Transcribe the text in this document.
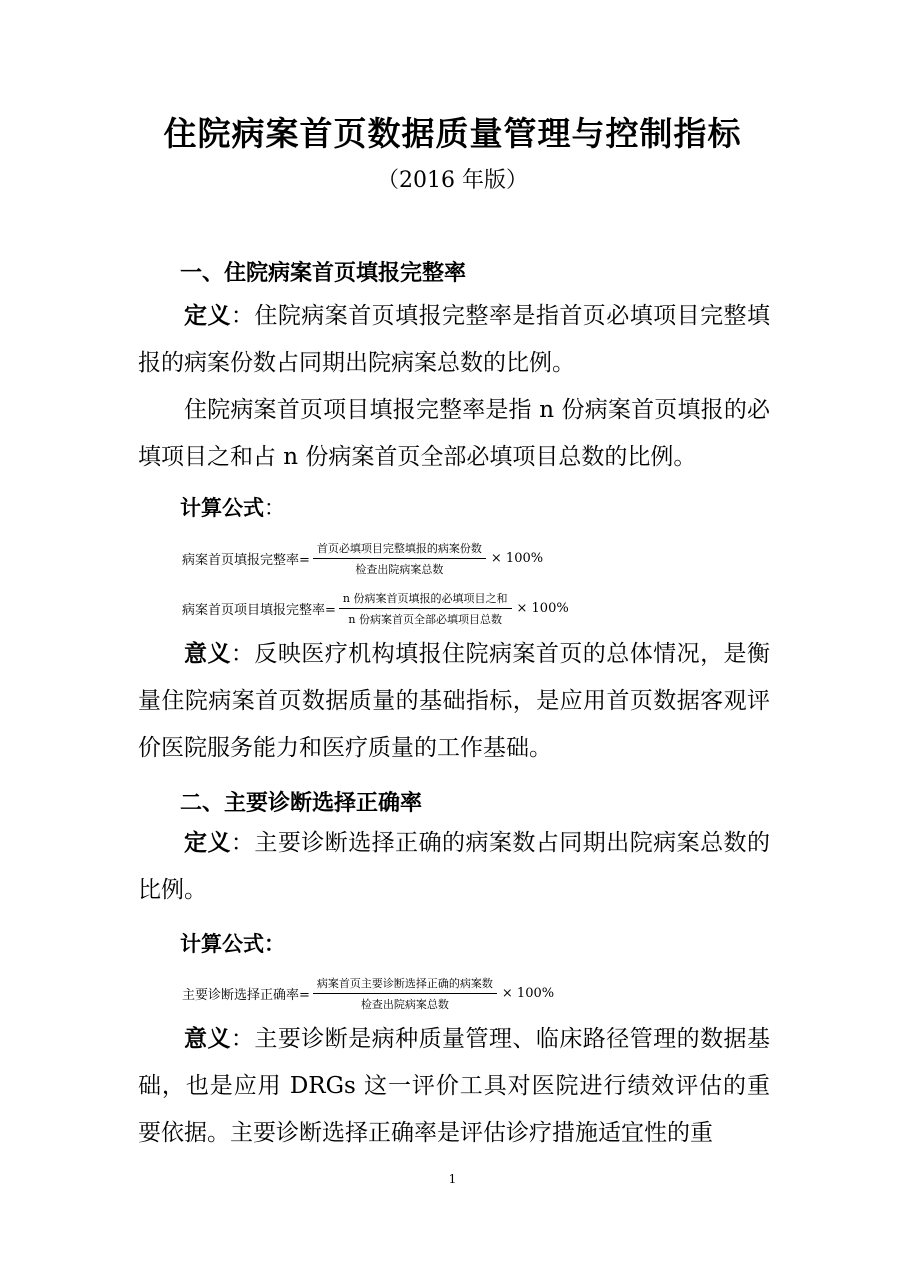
住院病案首页数据质量管理与控制指标
（2016 年版）
一、住院病案首页填报完整率
定义：住院病案首页填报完整率是指首页必填项目完整填报的病案份数占同期出院病案总数的比例。
住院病案首页项目填报完整率是指 n 份病案首页填报的必填项目之和占 n 份病案首页全部必填项目总数的比例。
计算公式：
病案首页填报完整率= $\frac{\text{首页必填项目完整填报的病案份数}}{\text{检查出院病案总数}} \times 100\%$
病案首页项目填报完整率= $\frac{\text{n 份病案首页填报的必填项目之和}}{\text{n 份病案首页全部必填项目总数}} \times 100\%$
意义：反映医疗机构填报住院病案首页的总体情况，是衡量住院病案首页数据质量的基础指标，是应用首页数据客观评价医院服务能力和医疗质量的工作基础。
二、主要诊断选择正确率
定义：主要诊断选择正确的病案数占同期出院病案总数的比例。
计算公式：
主要诊断选择正确率= $\frac{\text{病案首页主要诊断选择正确的病案数}}{\text{检查出院病案总数}} \times 100\%$
意义：主要诊断是病种质量管理、临床路径管理的数据基础，也是应用 DRGs 这一评价工具对医院进行绩效评估的重要依据。主要诊断选择正确率是评估诊疗措施适宜性的重
1
